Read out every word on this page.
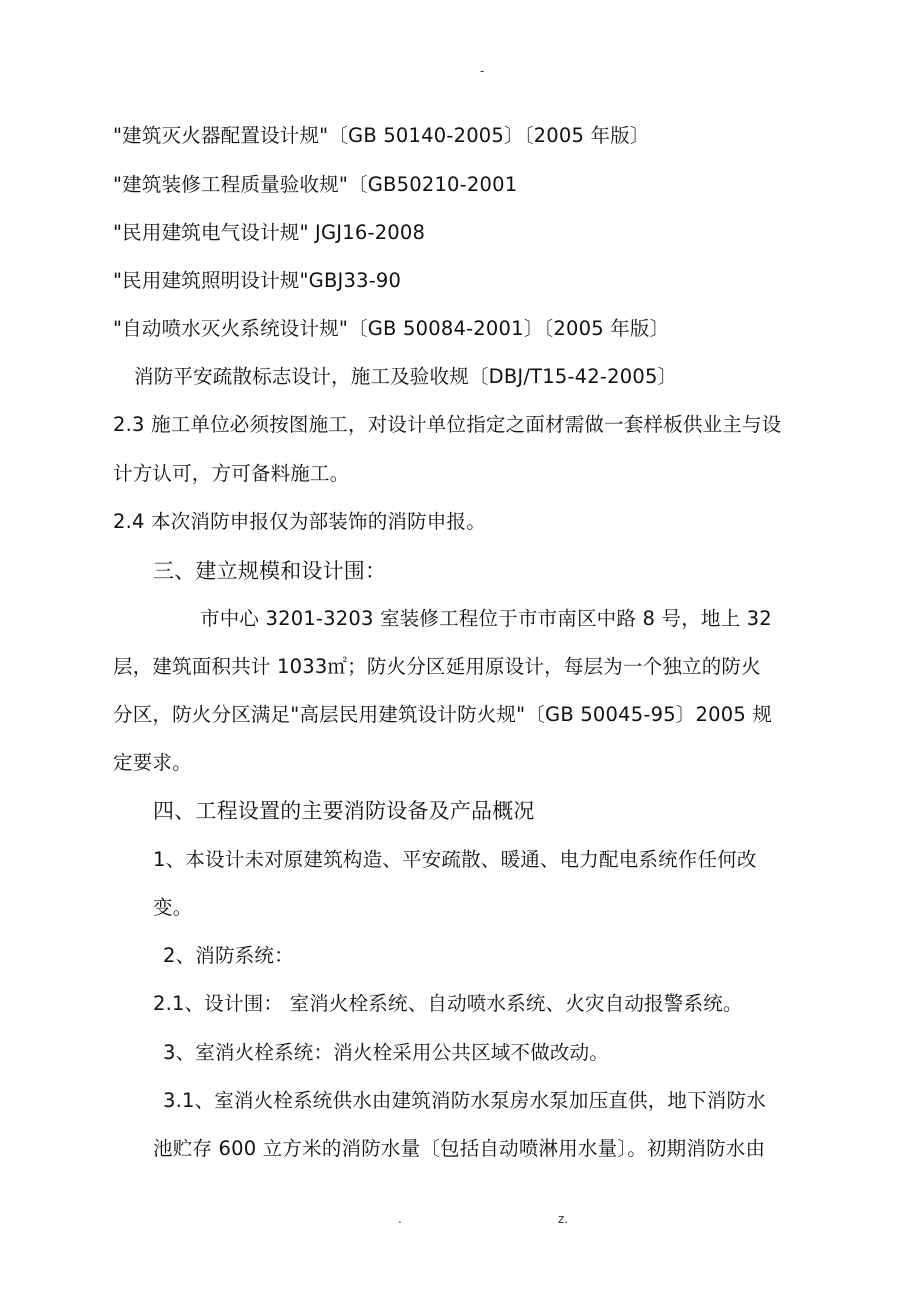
-
"建筑灭火器配置设计规"〔GB 50140-2005〕〔2005 年版〕
"建筑装修工程质量验收规"〔GB50210-2001
"民用建筑电气设计规" JGJ16-2008
"民用建筑照明设计规"GBJ33-90
"自动喷水灭火系统设计规"〔GB 50084-2001〕〔2005 年版〕
消防平安疏散标志设计，施工及验收规〔DBJ/T15-42-2005〕
2.3 施工单位必须按图施工，对设计单位指定之面材需做一套样板供业主与设
计方认可，方可备料施工。
2.4 本次消防申报仅为部装饰的消防申报。
三、建立规模和设计围：
市中心 3201-3203 室装修工程位于市市南区中路 8 号，地上 32
层，建筑面积共计 1033㎡；防火分区延用原设计，每层为一个独立的防火
分区，防火分区满足"高层民用建筑设计防火规"〔GB 50045-95〕2005 规
定要求。
四、工程设置的主要消防设备及产品概况
1、本设计未对原建筑构造、平安疏散、暖通、电力配电系统作任何改
变。
2、消防系统：
2.1、设计围： 室消火栓系统、自动喷水系统、火灾自动报警系统。
3、室消火栓系统：消火栓采用公共区域不做改动。
3.1、室消火栓系统供水由建筑消防水泵房水泵加压直供，地下消防水
池贮存 600 立方米的消防水量〔包括自动喷淋用水量〕。初期消防水由
.	z.
